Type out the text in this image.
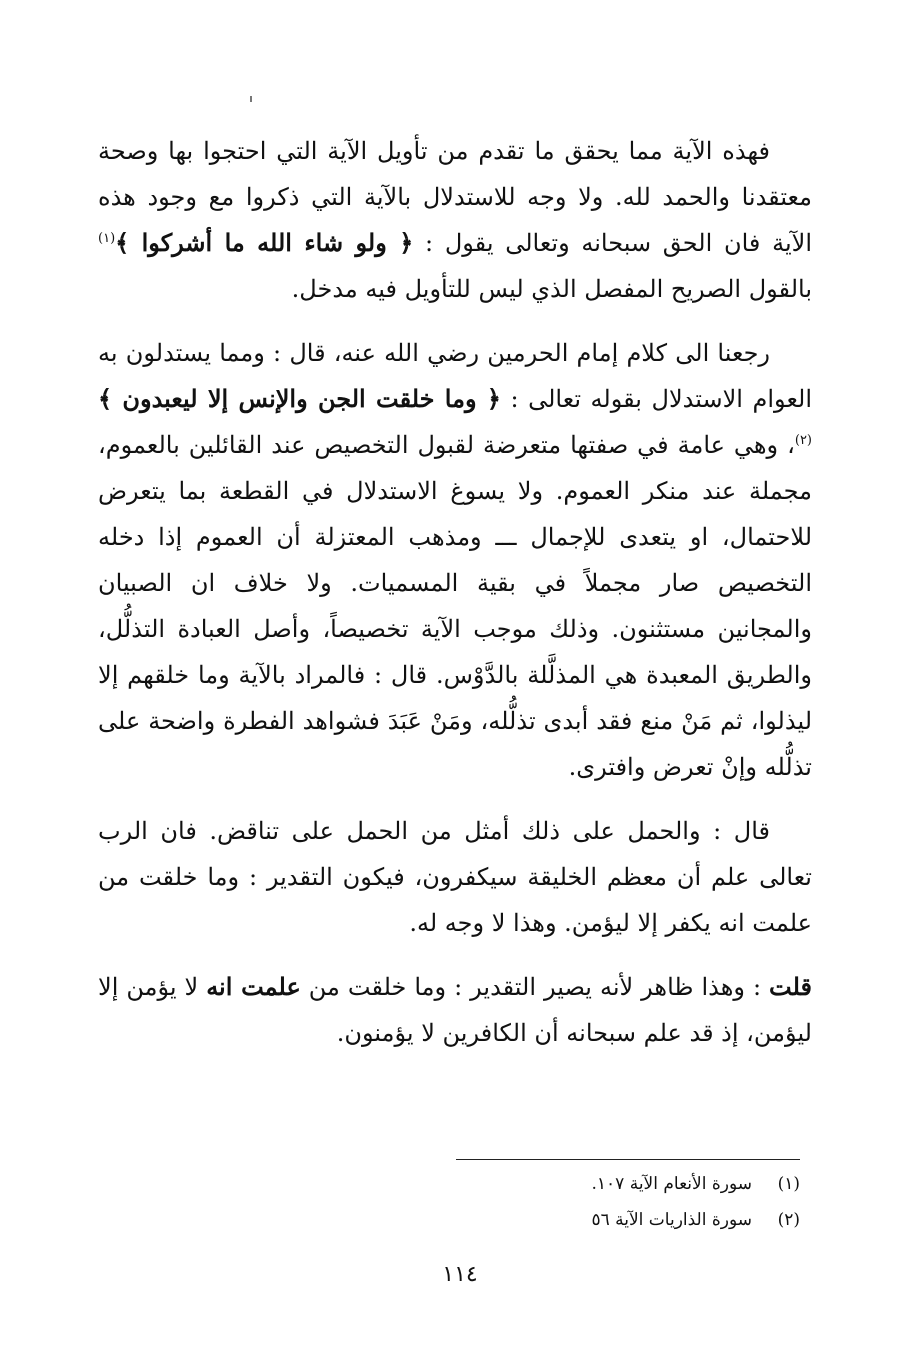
فهذه الآية مما يحقق ما تقدم من تأويل الآية التي احتجوا بها وصحة معتقدنا والحمد لله. ولا وجه للاستدلال بالآية التي ذكروا مع وجود هذه الآية فان الحق سبحانه وتعالى يقول : ﴿ ولو شاء الله ما أشركوا ﴾$^{(١)}$ بالقول الصريح المفصل الذي ليس للتأويل فيه مدخل.

رجعنا الى كلام إمام الحرمين رضي الله عنه، قال : ومما يستدلون به العوام الاستدلال بقوله تعالى : ﴿ وما خلقت الجن والإنس إلا ليعبدون ﴾$^{(٢)}$، وهي عامة في صفتها متعرضة لقبول التخصيص عند القائلين بالعموم، مجملة عند منكر العموم. ولا يسوغ الاستدلال في القطعة بما يتعرض للاحتمال، او يتعدى للإجمال ـــ ومذهب المعتزلة أن العموم إذا دخله التخصيص صار مجملاً في بقية المسميات. ولا خلاف ان الصبيان والمجانين مستثنون. وذلك موجب الآية تخصيصاً، وأصل العبادة التذلُّل، والطريق المعبدة هي المذلَّلة بالدَّوْس. قال : فالمراد بالآية وما خلقهم إلا ليذلوا، ثم مَنْ منع فقد أبدى تذلُّله، ومَنْ عَبَدَ فشواهد الفطرة واضحة على تذلُّله وإنْ تعرض وافترى.

قال : والحمل على ذلك أمثل من الحمل على تناقض. فان الرب تعالى علم أن معظم الخليقة سيكفرون، فيكون التقدير : وما خلقت من علمت انه يكفر إلا ليؤمن. وهذا لا وجه له.

قلت : وهذا ظاهر لأنه يصير التقدير : وما خلقت من علمت انه لا يؤمن إلا ليؤمن، إذ قد علم سبحانه أن الكافرين لا يؤمنون.

(١)
سورة الأنعام الآية ١٠٧.
(٢)
سورة الذاريات الآية ٥٦
١١٤
